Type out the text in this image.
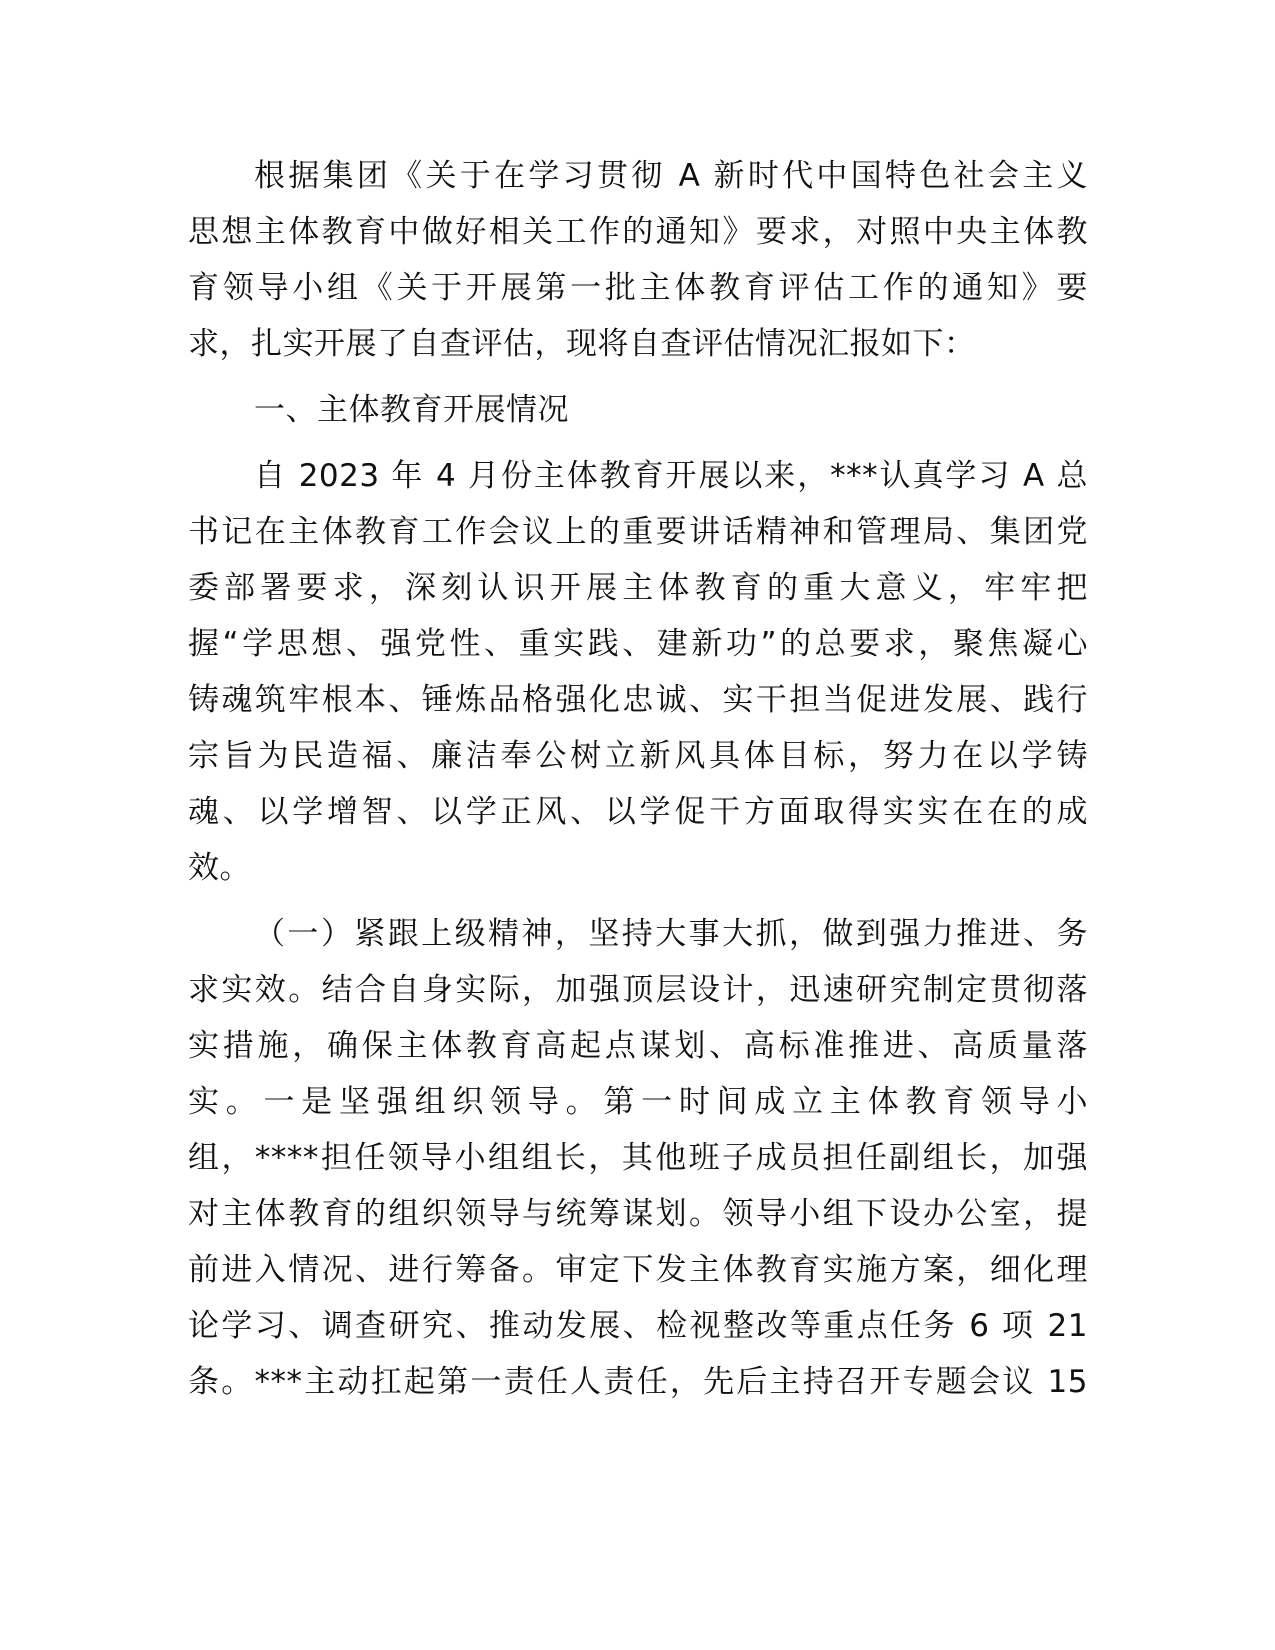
根据集团《关于在学习贯彻 A 新时代中国特色社会主义
思想主体教育中做好相关工作的通知》要求，对照中央主体教
育领导小组《关于开展第一批主体教育评估工作的通知》要
求，扎实开展了自查评估，现将自查评估情况汇报如下：
一、主体教育开展情况
自 2023 年 4 月份主体教育开展以来，***认真学习 A 总
书记在主体教育工作会议上的重要讲话精神和管理局、集团党
委部署要求，深刻认识开展主体教育的重大意义，牢牢把
握“学思想、强党性、重实践、建新功”的总要求，聚焦凝心
铸魂筑牢根本、锤炼品格强化忠诚、实干担当促进发展、践行
宗旨为民造福、廉洁奉公树立新风具体目标，努力在以学铸
魂、以学增智、以学正风、以学促干方面取得实实在在的成
效。
（一）紧跟上级精神，坚持大事大抓，做到强力推进、务
求实效。结合自身实际，加强顶层设计，迅速研究制定贯彻落
实措施，确保主体教育高起点谋划、高标准推进、高质量落
实。一是坚强组织领导。第一时间成立主体教育领导小
组，****担任领导小组组长，其他班子成员担任副组长，加强
对主体教育的组织领导与统筹谋划。领导小组下设办公室，提
前进入情况、进行筹备。审定下发主体教育实施方案，细化理
论学习、调查研究、推动发展、检视整改等重点任务 6 项 21
条。***主动扛起第一责任人责任，先后主持召开专题会议 15
